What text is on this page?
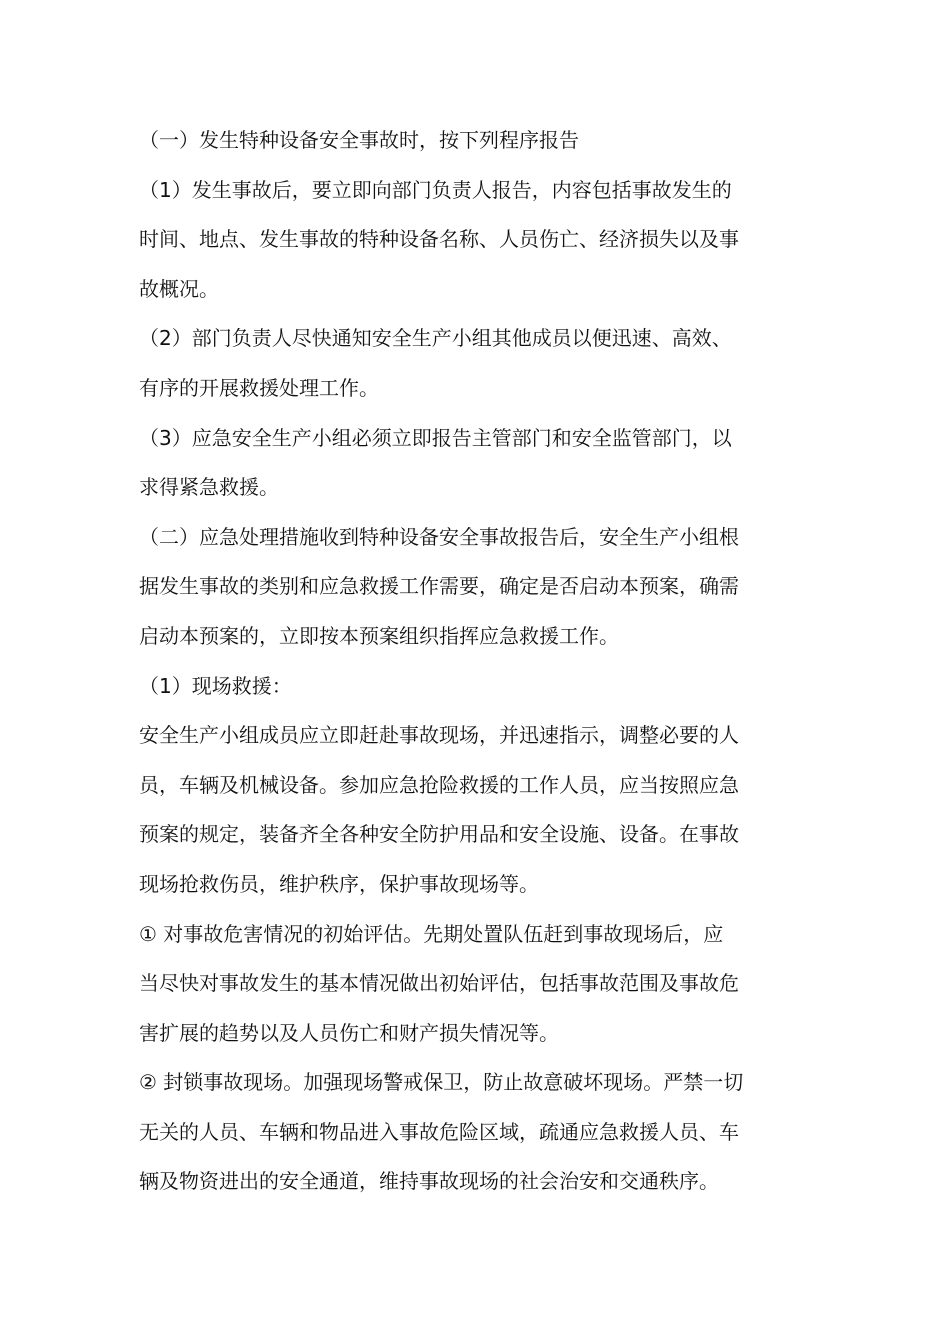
（一）发生特种设备安全事故时，按下列程序报告

（1）发生事故后，要立即向部门负责人报告，内容包括事故发生的

时间、地点、发生事故的特种设备名称、人员伤亡、经济损失以及事

故概况。

（2）部门负责人尽快通知安全生产小组其他成员以便迅速、高效、

有序的开展救援处理工作。

（3）应急安全生产小组必须立即报告主管部门和安全监管部门，以

求得紧急救援。

（二）应急处理措施收到特种设备安全事故报告后，安全生产小组根

据发生事故的类别和应急救援工作需要，确定是否启动本预案，确需

启动本预案的，立即按本预案组织指挥应急救援工作。

（1）现场救援：

安全生产小组成员应立即赶赴事故现场，并迅速指示，调整必要的人

员，车辆及机械设备。参加应急抢险救援的工作人员，应当按照应急

预案的规定，装备齐全各种安全防护用品和安全设施、设备。在事故

现场抢救伤员，维护秩序，保护事故现场等。

① 对事故危害情况的初始评估。先期处置队伍赶到事故现场后，应

当尽快对事故发生的基本情况做出初始评估，包括事故范围及事故危

害扩展的趋势以及人员伤亡和财产损失情况等。

② 封锁事故现场。加强现场警戒保卫，防止故意破坏现场。严禁一切

无关的人员、车辆和物品进入事故危险区域，疏通应急救援人员、车

辆及物资进出的安全通道，维持事故现场的社会治安和交通秩序。
